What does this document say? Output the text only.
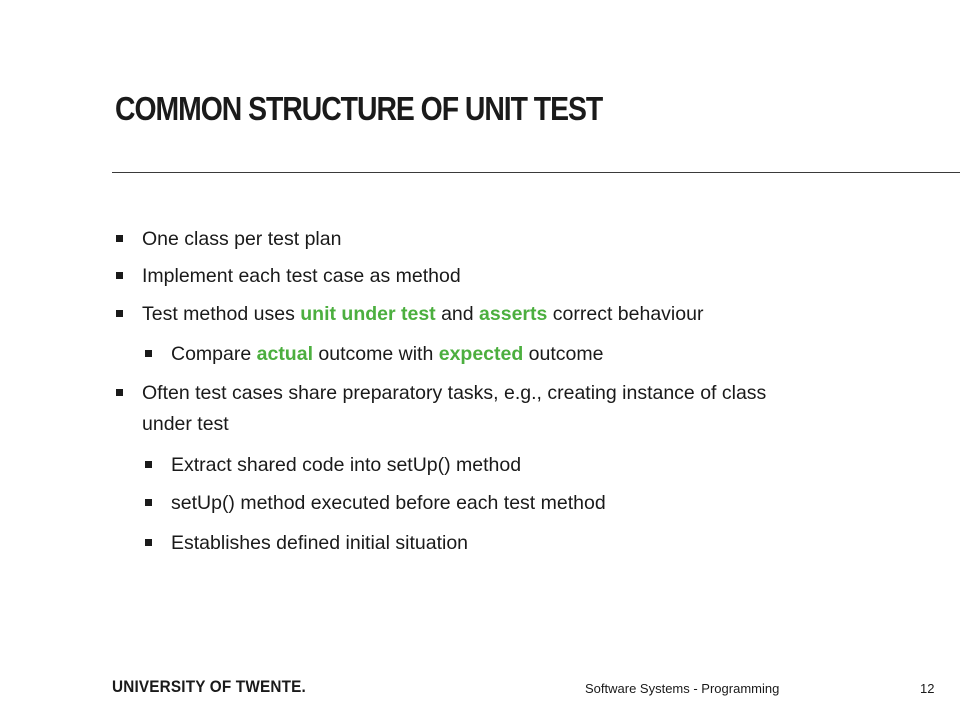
COMMON STRUCTURE OF UNIT TEST
One class per test plan
Implement each test case as method
Test method uses unit under test and asserts correct behaviour
Compare actual outcome with expected outcome
Often test cases share preparatory tasks, e.g., creating instance of class
under test
Extract shared code into setUp() method
setUp() method executed before each test method
Establishes defined initial situation
UNIVERSITY OF TWENTE.	Software Systems - Programming	12
